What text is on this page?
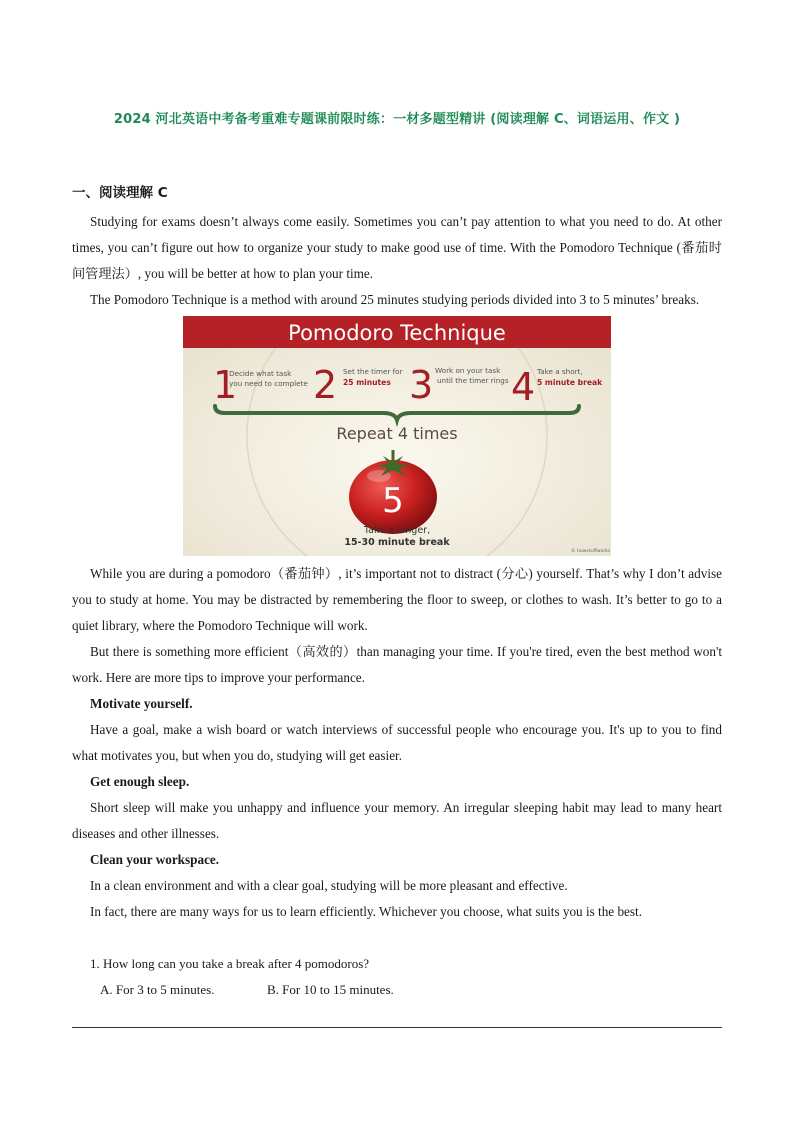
2024 河北英语中考备考重难专题课前限时练：一材多题型精讲 (阅读理解 C、词语运用、作文 )
一、阅读理解 C

Studying for exams doesn’t always come easily. Sometimes you can’t pay attention to what you need to do. At other times, you can’t figure out how to organize your study to make good use of time. With the Pomodoro Technique (番茄时间管理法）, you will be better at how to plan your time.

The Pomodoro Technique is a method with around 25 minutes studying periods divided into 3 to 5 minutes’ breaks.

Pomodoro Technique
1
Decide what task
you need to complete 2 Set the timer for
25 minutes 3 Work on your task
until the timer rings 4 Take a short,
5 minute break
Repeat 4 times
5
Take a longer,
15-30 minute break
© howstuffworks

While you are during a pomodoro（番茄钟）, it’s important not to distract (分心) yourself. That’s why I don’t advise you to study at home. You may be distracted by remembering the floor to sweep, or clothes to wash. It’s better to go to a quiet library, where the Pomodoro Technique will work.

But there is something more efficient（高效的）than managing your time. If you're tired, even the best method won't work. Here are more tips to improve your performance.

Motivate yourself.

Have a goal, make a wish board or watch interviews of successful people who encourage you. It's up to you to find what motivates you, but when you do, studying will get easier.

Get enough sleep.

Short sleep will make you unhappy and influence your memory. An irregular sleeping habit may lead to many heart diseases and other illnesses.

Clean your workspace.

In a clean environment and with a clear goal, studying will be more pleasant and effective.

In fact, there are many ways for us to learn efficiently. Whichever you choose, what suits you is the best.

1. How long can you take a break after 4 pomodoros?
A. For 3 to 5 minutes.	B. For 10 to 15 minutes.
